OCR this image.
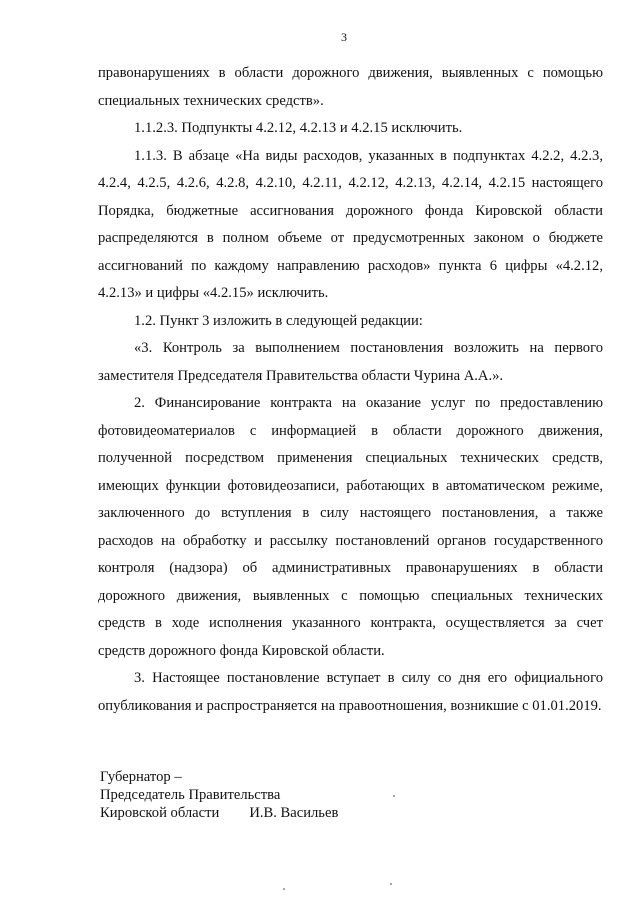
3

правонарушениях в области дорожного движения, выявленных с помощью специальных технических средств».

1.1.2.3. Подпункты 4.2.12, 4.2.13 и 4.2.15 исключить.

1.1.3. В абзаце «На виды расходов, указанных в подпунктах 4.2.2, 4.2.3, 4.2.4, 4.2.5, 4.2.6, 4.2.8, 4.2.10, 4.2.11, 4.2.12, 4.2.13, 4.2.14, 4.2.15 настоящего Порядка, бюджетные ассигнования дорожного фонда Кировской области распределяются в полном объеме от предусмотренных законом о бюджете ассигнований по каждому направлению расходов» пункта 6 цифры «4.2.12, 4.2.13» и цифры «4.2.15» исключить.

1.2. Пункт 3 изложить в следующей редакции:

«3. Контроль за выполнением постановления возложить на первого заместителя Председателя Правительства области Чурина А.А.».

2. Финансирование контракта на оказание услуг по предоставлению фотовидеоматериалов с информацией в области дорожного движения, полученной посредством применения специальных технических средств, имеющих функции фотовидеозаписи, работающих в автоматическом режиме, заключенного до вступления в силу настоящего постановления, а также расходов на обработку и рассылку постановлений органов государственного контроля (надзора) об административных правонарушениях в области дорожного движения, выявленных с помощью специальных технических средств в ходе исполнения указанного контракта, осуществляется за счет средств дорожного фонда Кировской области.

3. Настоящее постановление вступает в силу со дня его официального опубликования и распространяется на правоотношения, возникшие с 01.01.2019.

Губернатор –
Председатель Правительства
Кировской области И.В. Васильев
